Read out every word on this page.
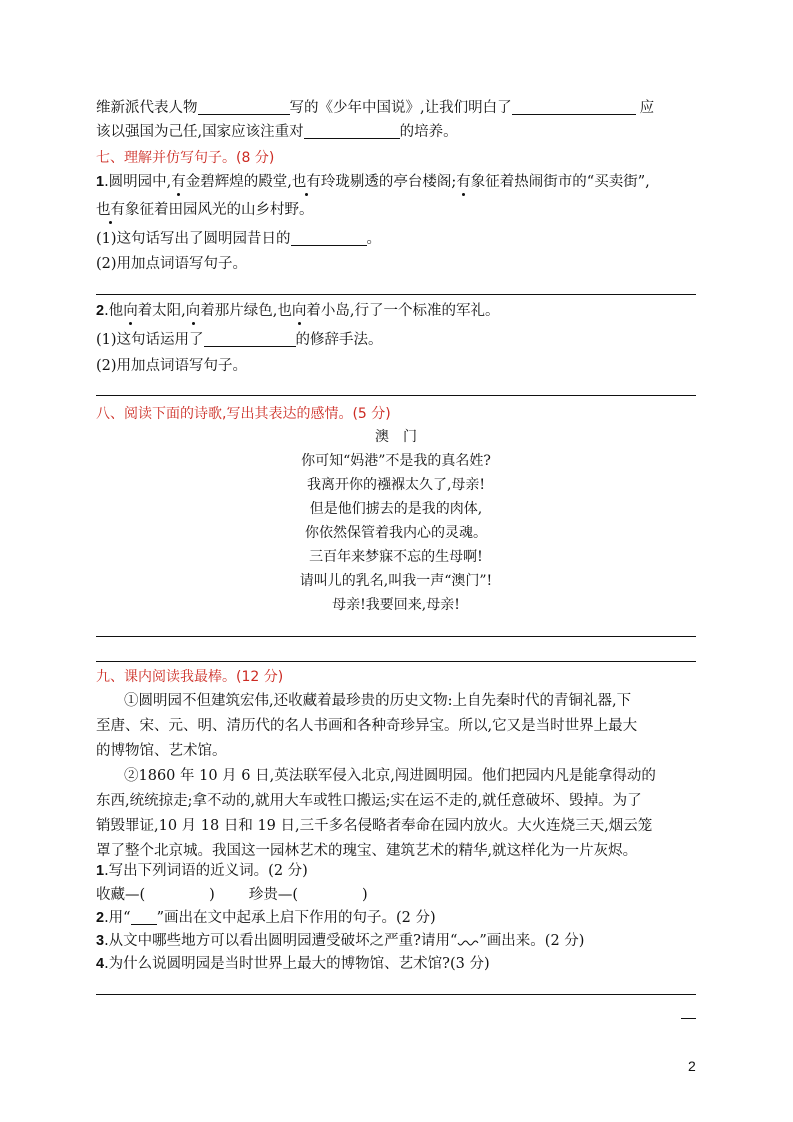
维新派代表人物	写的《少年中国说》,让我们明白了	应
该以强国为己任,国家应该注重对	的培养。
七、理解并仿写句子。(8 分)
1.圆明园中,有金碧辉煌的殿堂,也有玲珑剔透的亭台楼阁;有象征着热闹街市的“买卖街”,
也有象征着田园风光的山乡村野。
(1)这句话写出了圆明园昔日的	。
(2)用加点词语写句子。
2.他向着太阳,向着那片绿色,也向着小岛,行了一个标准的军礼。
(1)这句话运用了	的修辞手法。
(2)用加点词语写句子。
八、阅读下面的诗歌,写出其表达的感情。(5 分)
澳　门
你可知“妈港”不是我的真名姓?
我离开你的襁褓太久了,母亲!
但是他们掳去的是我的肉体,
你依然保管着我内心的灵魂。
三百年来梦寐不忘的生母啊!
请叫儿的乳名,叫我一声“澳门”!
母亲!我要回来,母亲!
九、课内阅读我最棒。(12 分)
①圆明园不但建筑宏伟,还收藏着最珍贵的历史文物:上自先秦时代的青铜礼器,下
至唐、宋、元、明、清历代的名人书画和各种奇珍异宝。所以,它又是当时世界上最大
的博物馆、艺术馆。
②1860 年 10 月 6 日,英法联军侵入北京,闯进圆明园。他们把园内凡是能拿得动的
东西,统统掠走;拿不动的,就用大车或牲口搬运;实在运不走的,就任意破坏、毁掉。为了
销毁罪证,10 月 18 日和 19 日,三千多名侵略者奉命在园内放火。大火连烧三天,烟云笼
罩了整个北京城。我国这一园林艺术的瑰宝、建筑艺术的精华,就这样化为一片灰烬。
1.写出下列词语的近义词。(2 分)
收藏—(	) 珍贵—(	)
2.用“ ”画出在文中起承上启下作用的句子。(2 分)
3.从文中哪些地方可以看出圆明园遭受破坏之严重?请用“ ”画出来。(2 分)
4.为什么说圆明园是当时世界上最大的博物馆、艺术馆?(3 分)
2
